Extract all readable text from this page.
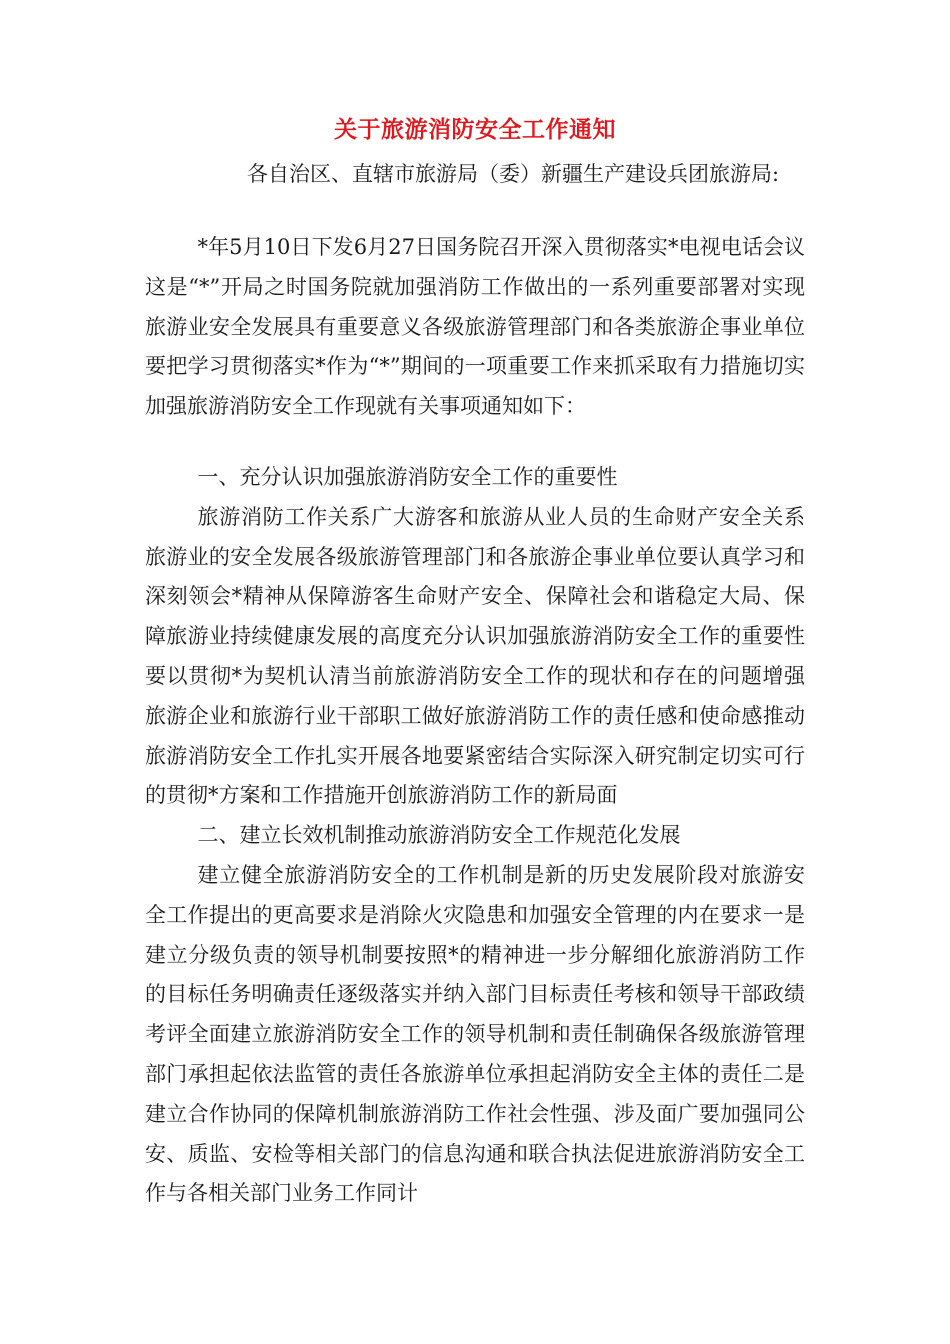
关于旅游消防安全工作通知
各自治区、直辖市旅游局（委）新疆生产建设兵团旅游局:

*年5月10日下发6月27日国务院召开深入贯彻落实*电视电话会议这是“*”开局之时国务院就加强消防工作做出的一系列重要部署对实现旅游业安全发展具有重要意义各级旅游管理部门和各类旅游企事业单位要把学习贯彻落实*作为“*”期间的一项重要工作来抓采取有力措施切实加强旅游消防安全工作现就有关事项通知如下：

一、充分认识加强旅游消防安全工作的重要性

旅游消防工作关系广大游客和旅游从业人员的生命财产安全关系旅游业的安全发展各级旅游管理部门和各旅游企事业单位要认真学习和深刻领会*精神从保障游客生命财产安全、保障社会和谐稳定大局、保障旅游业持续健康发展的高度充分认识加强旅游消防安全工作的重要性要以贯彻*为契机认清当前旅游消防安全工作的现状和存在的问题增强旅游企业和旅游行业干部职工做好旅游消防工作的责任感和使命感推动旅游消防安全工作扎实开展各地要紧密结合实际深入研究制定切实可行的贯彻*方案和工作措施开创旅游消防工作的新局面

二、建立长效机制推动旅游消防安全工作规范化发展

建立健全旅游消防安全的工作机制是新的历史发展阶段对旅游安全工作提出的更高要求是消除火灾隐患和加强安全管理的内在要求一是建立分级负责的领导机制要按照*的精神进一步分解细化旅游消防工作的目标任务明确责任逐级落实并纳入部门目标责任考核和领导干部政绩考评全面建立旅游消防安全工作的领导机制和责任制确保各级旅游管理部门承担起依法监管的责任各旅游单位承担起消防安全主体的责任二是建立合作协同的保障机制旅游消防工作社会性强、涉及面广要加强同公安、质监、安检等相关部门的信息沟通和联合执法促进旅游消防安全工作与各相关部门业务工作同计
